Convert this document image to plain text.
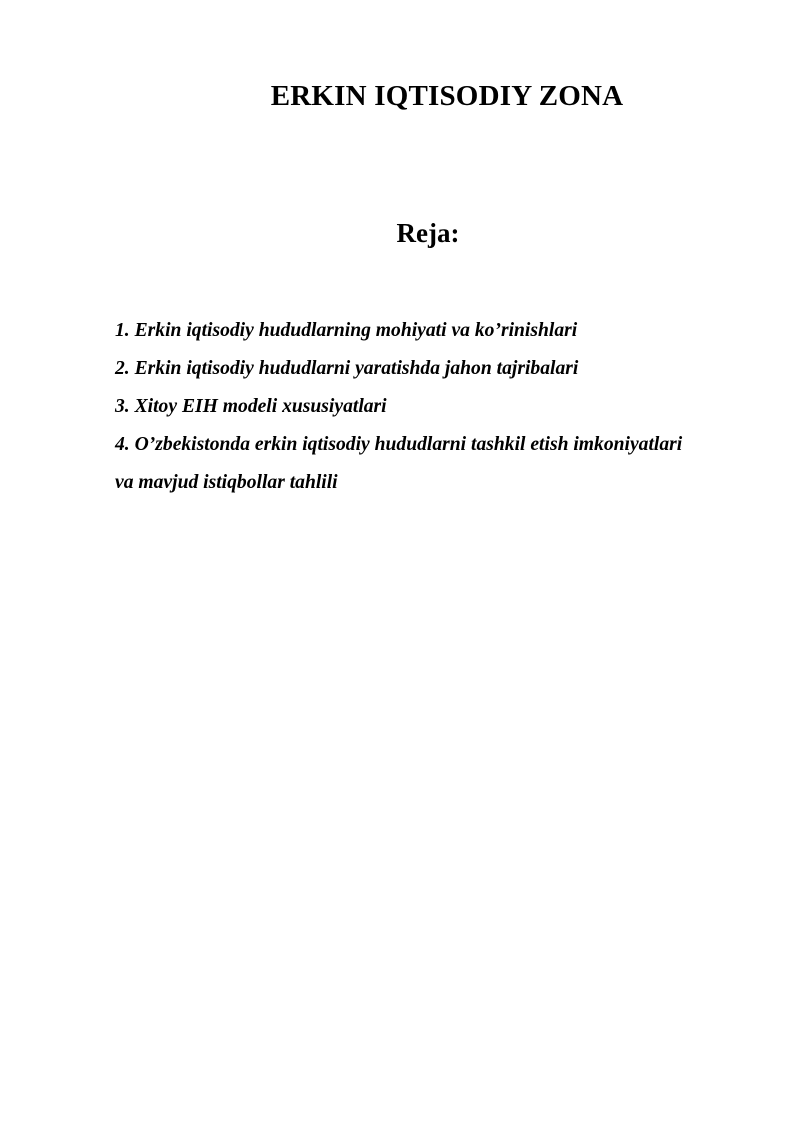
ERKIN IQTISODIY ZONA
Reja:
1. Erkin iqtisodiy hududlarning mohiyati va ko’rinishlari
2. Erkin iqtisodiy hududlarni yaratishda jahon tajribalari
3. Xitoy EIH modeli xususiyatlari
4. O’zbekistonda erkin iqtisodiy hududlarni tashkil etish imkoniyatlari
va mavjud istiqbollar tahlili
